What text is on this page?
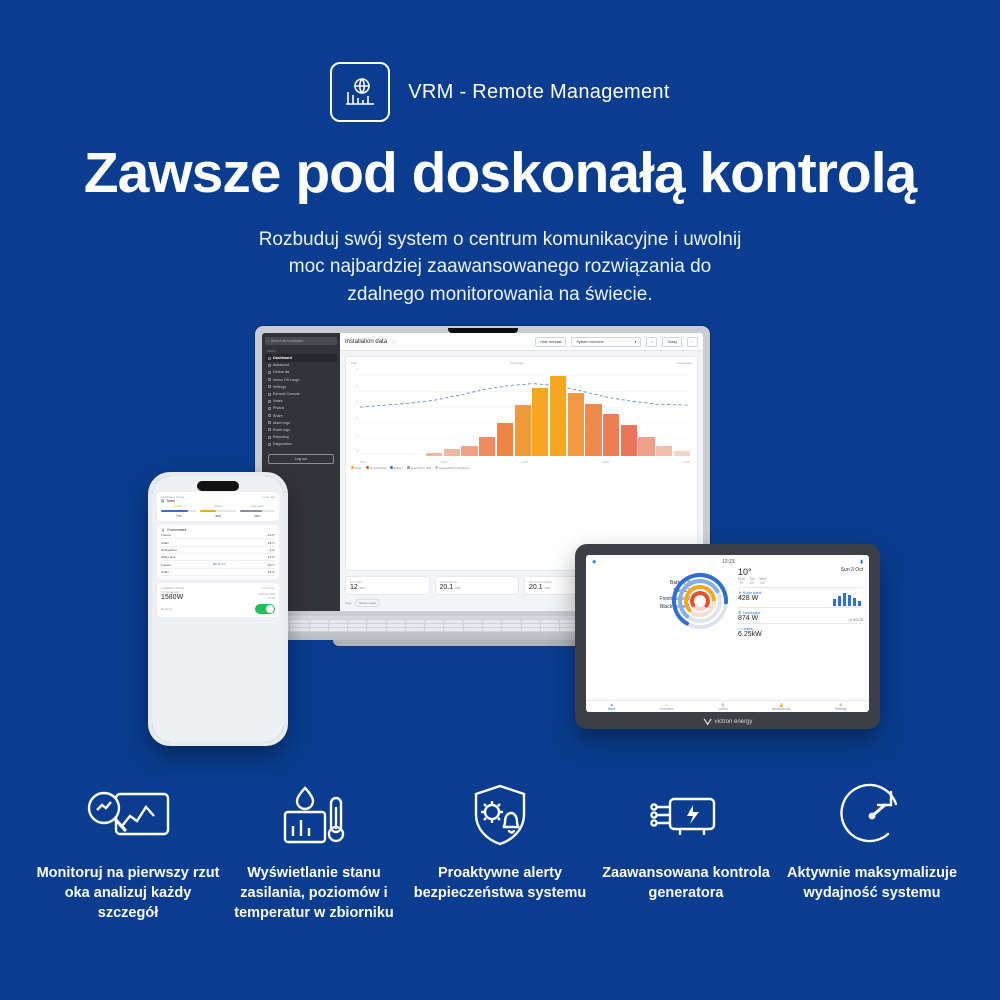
VRM - Remote Management
Zawsze pod doskonałą kontrolą
Rozbuduj swój system o centrum komunikacyjne i uwolnij
moc najbardziej zaawansowanego rozwiązania do
zdalnego monitorowania na świecie.
⌕ Search an installation
MAIN
Dashboard
Advanced
Device list
Venus OS Large
Settings
Remote Console
Notes
Photos
Share
Alarm logs
Event logs
Reporting
Diagnostics
Log out
Installation data ⓘ	Hide forecast	System overview	▾	‹	Today	›
kWh	Reported	Forecasted
5
4
3
2
1
0
00:00	06:00	12:00	18:00	00:00
Solar	Consumption	Battery	Generator / Grid	Forecasted consumption
PV Yield
12 kWh
Consumption
20.1 kWh
DC Consumption
20.1 kWh
Tags:	Sineco Lurain
Installation Name	1 min ago
▥ Tanks
Fresh
77%
Diesel
45%
Grey water
62%
🌡 Environment
Freezer	-14.0°
Cabin	18.1°
Refrigerator	4.4°
Water tank	12.2°
Freezer	Min 21.3°C	-18.7°
Cabin	19.3°
Installation Name	2 min ago
1Q Generator
1580W
Manual start
01:25
Running
◉	12:23	▮
Battery 8
Fuel 13
Fresh water 2
Black water 1
10°
Mon
9°
Tue
11°
Wed
13°
Sun 3 Oct
☀ Solar yield
428 W
⚙ Generator
874 W	◷ 00:25
⌂ Loads
6.25kW
◉
Brief
▭
Overview
▥
Levels
🔔
Notifications
⚙
Settings
victron energy

Monitoruj na pierwszy rzut oka analizuj każdy szczegół

Wyświetlanie stanu zasilania, poziomów i temperatur w zbiorniku

Proaktywne alerty bezpieczeństwa systemu

Zaawansowana kontrola generatora

Aktywnie maksymalizuje wydajność systemu
